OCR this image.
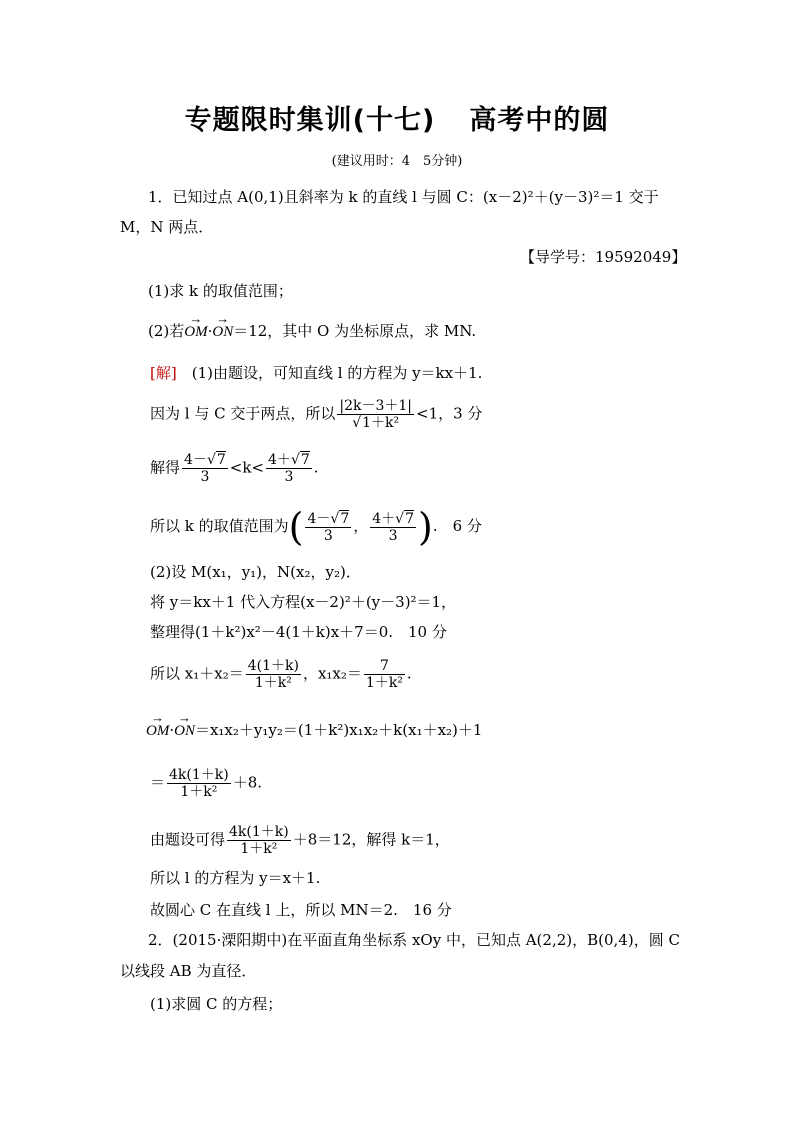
专题限时集训(十七) 高考中的圆
(建议用时：4　5分钟)
1．已知过点 A(0,1)且斜率为 k 的直线 l 与圆 C：(x－2)²＋(y－3)²＝1 交于
M，N 两点．
【导学号：19592049】
(1)求 k 的取值范围；
(2)若→ OM·→ ON＝12，其中 O 为坐标原点，求 MN.
[解]　 (1)由题设，可知直线 l 的方程为 y＝kx＋1.
因为 l 与 C 交于两点，所以 $\frac{|2k-3+1|}{\text{√1＋k²}} <1$，3 分
解得 $\frac{4-√7}{3} <k< \frac{4+√7}{3}$ .
所以 k 的取值范围为( $\frac{4-√7}{3}$ ， $\frac{4+√7}{3}$ ).　6 分
(2)设 M(x₁，y₁)，N(x₂，y₂)．
将 y＝kx＋1 代入方程(x－2)²＋(y－3)²＝1，
整理得(1＋k²)x²－4(1＋k)x＋7＝0.　10 分
所以 $x_1+x_2= \frac{4(1+k)}{\text{1＋k²}}$ ，$x_1x_2= \frac{7}{\text{1＋k²}}$ .
→ OM·→ ON＝x₁x₂＋y₁y₂＝(1＋k²)x₁x₂＋k(x₁＋x₂)＋1
＝ $\frac{4k(1+k)}{\text{1＋k²}} +8$.
由题设可得 $\frac{4k(1+k)}{\text{1＋k²}} +8=12$，解得 k＝1，
所以 l 的方程为 y＝x＋1.
故圆心 C 在直线 l 上，所以 MN＝2.　16 分
2．(2015·溧阳期中)在平面直角坐标系 xOy 中，已知点 A(2,2)，B(0,4)，圆 C
以线段 AB 为直径．
(1)求圆 C 的方程；
